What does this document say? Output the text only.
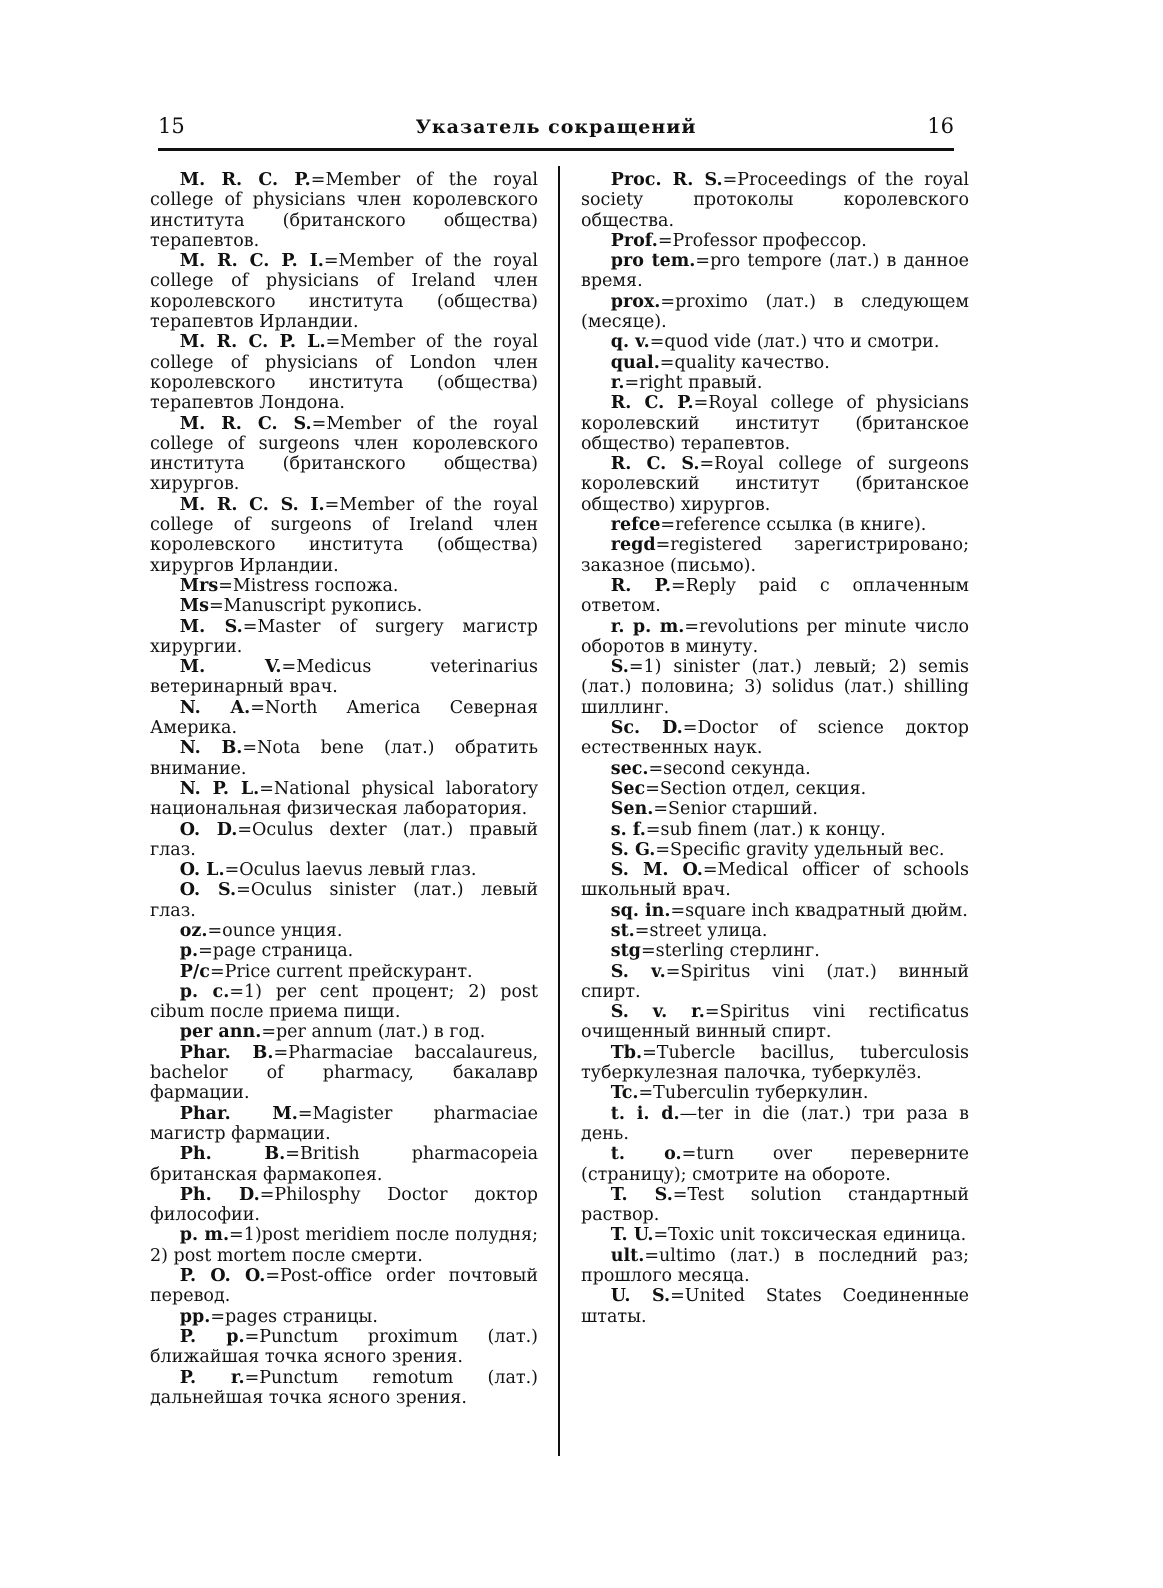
15	Указатель сокращений	16

M. R. C. P.=Member of the royal college of physicians член королевского института (британского общества) терапевтов.

M. R. C. P. I.=Member of the royal college of physicians of Ireland член королевского института (общества) терапевтов Ирландии.

M. R. C. P. L.=Member of the royal college of physicians of London член королевского института (общества) терапевтов Лондона.

M. R. C. S.=Member of the royal college of surgeons член королевского института (британского общества) хирургов.

M. R. C. S. I.=Member of the royal college of surgeons of Ireland член королевского института (общества) хирургов Ирландии.

Mrs=Mistress госпожа.

Ms=Manuscript рукопись.

M. S.=Master of surgery магистр хирургии.

M. V.=Medicus veterinarius ветеринарный врач.

N. A.=North America Северная Америка.

N. B.=Nota bene (лат.) обратить внимание.

N. P. L.=National physical laboratory национальная физическая лаборатория.

O. D.=Oculus dexter (лат.) правый глаз.

O. L.=Oculus laevus левый глаз.

O. S.=Oculus sinister (лат.) левый глаз.

oz.=ounce унция.

p.=page страница.

P/c=Price current прейскурант.

p. c.=1) per cent процент; 2) post cibum после приема пищи.

per ann.=per annum (лат.) в год.

Phar. B.=Pharmaciae baccalaureus, bachelor of pharmacy, бакалавр фармации.

Phar. M.=Magister pharmaciae магистр фармации.

Ph. B.=British pharmacopeia британская фармакопея.

Ph. D.=Philosphy Doctor доктор философии.

p. m.=1)post meridiem после полудня; 2) post mortem после смерти.

P. O. O.=Post-office order почтовый перевод.

pp.=pages страницы.

P. p.=Punctum proximum (лат.) ближайшая точка ясного зрения.

P. r.=Punctum remotum (лат.) дальнейшая точка ясного зрения.

Proc. R. S.=Proceedings of the royal society протоколы королевского общества.

Prof.=Professor профессор.

pro tem.=pro tempore (лат.) в данное время.

prox.=proximo (лат.) в следующем (месяце).

q. v.=quod vide (лат.) что и смотри.

qual.=quality качество.

r.=right правый.

R. C. P.=Royal college of physicians королевский институт (британское общество) терапевтов.

R. C. S.=Royal college of surgeons королевский институт (британское общество) хирургов.

refce=reference ссылка (в книге).

regd=registered зарегистрировано; заказное (письмо).

R. P.=Reply paid с оплаченным ответом.

r. p. m.=revolutions per minute число оборотов в минуту.

S.=1) sinister (лат.) левый; 2) semis (лат.) половина; 3) solidus (лат.) shilling шиллинг.

Sc. D.=Doctor of science доктор естественных наук.

sec.=second секунда.

Sec=Section отдел, секция.

Sen.=Senior старший.

s. f.=sub finem (лат.) к концу.

S. G.=Specific gravity удельный вес.

S. M. O.=Medical officer of schools школьный врач.

sq. in.=square inch квадратный дюйм.

st.=street улица.

stg=sterling стерлинг.

S. v.=Spiritus vini (лат.) винный спирт.

S. v. r.=Spiritus vini rectificatus очищенный винный спирт.

Tb.=Tubercle bacillus, tuberculosis туберкулезная палочка, туберкулёз.

Tc.=Tuberculin туберкулин.

t. i. d.—ter in die (лат.) три раза в день.

t. o.=turn over переверните (страницу); смотрите на обороте.

T. S.=Test solution стандартный раствор.

T. U.=Toxic unit токсическая единица.

ult.=ultimo (лат.) в последний раз; прошлого месяца.

U. S.=United States Соединенные штаты.
